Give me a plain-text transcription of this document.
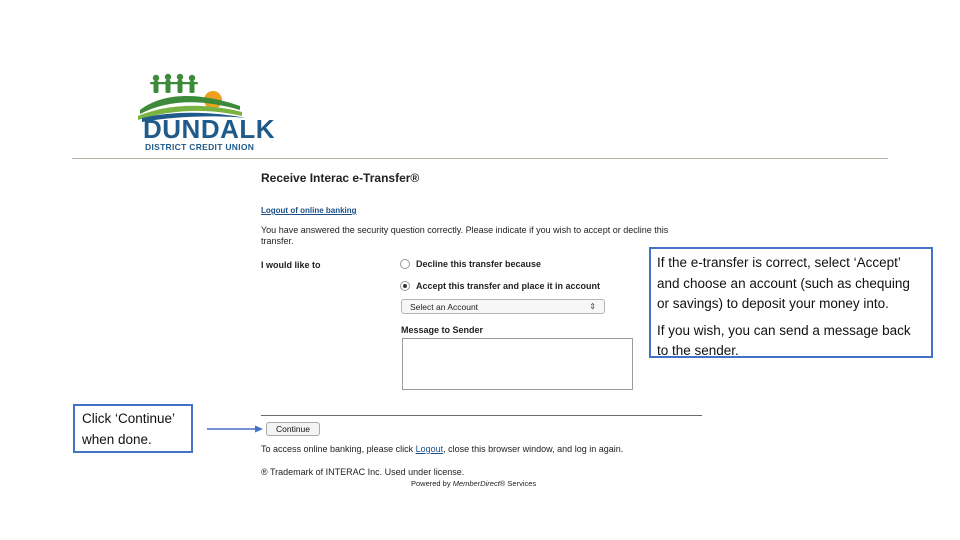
DUNDALK
DISTRICT CREDIT UNION
Receive Interac e-Transfer®
Logout of online banking
You have answered the security question correctly. Please indicate if you wish to accept or decline this transfer.
I would like to	Decline this transfer because
Accept this transfer and place it in account
Select an Account	⇕
Message to Sender
Continue
To access online banking, please click Logout, close this browser window, and log in again.
® Trademark of INTERAC Inc. Used under license.
Powered by MemberDirect® Services

If the e-transfer is correct, select ‘Accept’ and choose an account (such as chequing or savings) to deposit your money into.

If you wish, you can send a message back to the sender.

Click ‘Continue’ when done.
